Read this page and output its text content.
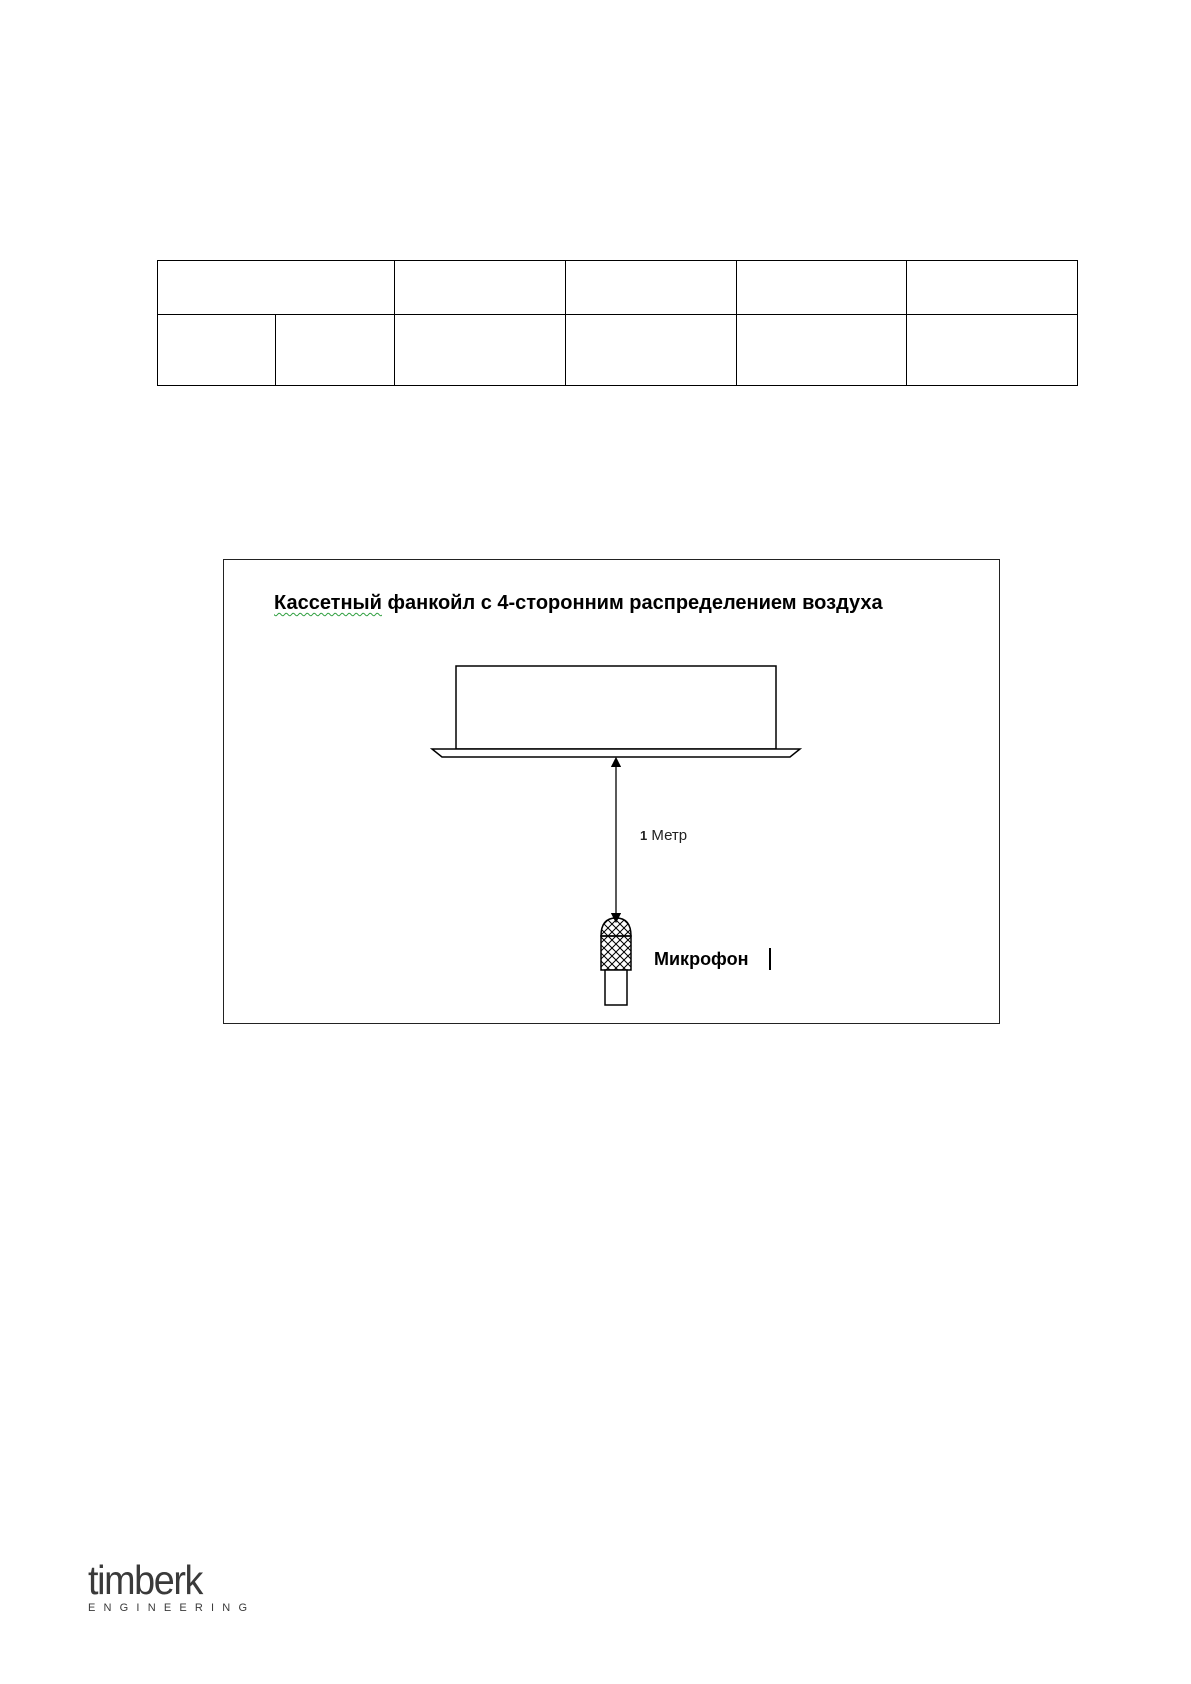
Кассетный фанкойл с 4-сторонним распределением воздуха
1 Метр
Микрофон
timberk
ENGINEERING
